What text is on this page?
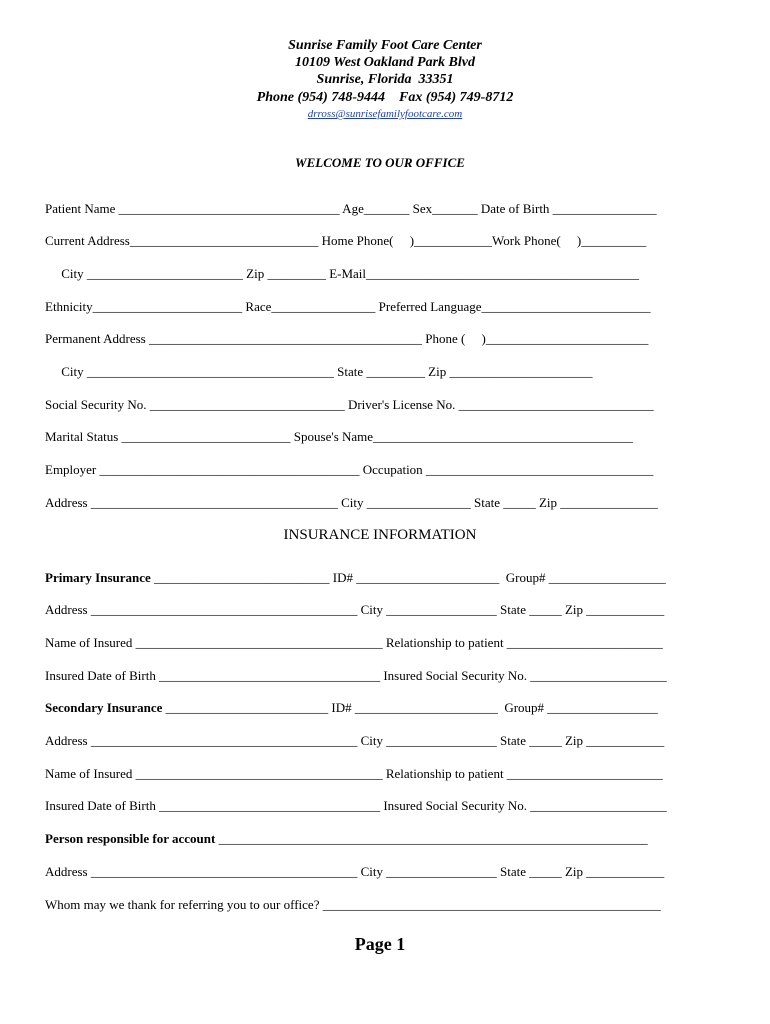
Sunrise Family Foot Care Center
10109 West Oakland Park Blvd
Sunrise, Florida  33351
Phone (954) 748-9444    Fax (954) 749-8712
drross@sunrisefamilyfootcare.com
WELCOME TO OUR OFFICE
Patient Name __________________________________ Age_______ Sex_______ Date of Birth ________________
Current Address_____________________________ Home Phone(     )____________Work Phone(     )__________
City ________________________ Zip _________ E-Mail__________________________________________
Ethnicity_______________________ Race________________ Preferred Language__________________________
Permanent Address __________________________________________ Phone (     )_________________________
City ______________________________________ State _________ Zip ______________________
Social Security No. ______________________________ Driver's License No. ______________________________
Marital Status __________________________ Spouse's Name________________________________________
Employer ________________________________________ Occupation ___________________________________
Address ______________________________________ City ________________ State _____ Zip _______________
INSURANCE INFORMATION
Primary Insurance ___________________________ ID# ______________________  Group# __________________
Address _________________________________________ City _________________ State _____ Zip ____________
Name of Insured ______________________________________ Relationship to patient ________________________
Insured Date of Birth __________________________________ Insured Social Security No. _____________________
Secondary Insurance _________________________ ID# ______________________  Group# _________________
Address _________________________________________ City _________________ State _____ Zip ____________
Name of Insured ______________________________________ Relationship to patient ________________________
Insured Date of Birth __________________________________ Insured Social Security No. _____________________
Person responsible for account __________________________________________________________________
Address _________________________________________ City _________________ State _____ Zip ____________
Whom may we thank for referring you to our office? ____________________________________________________
Page 1
